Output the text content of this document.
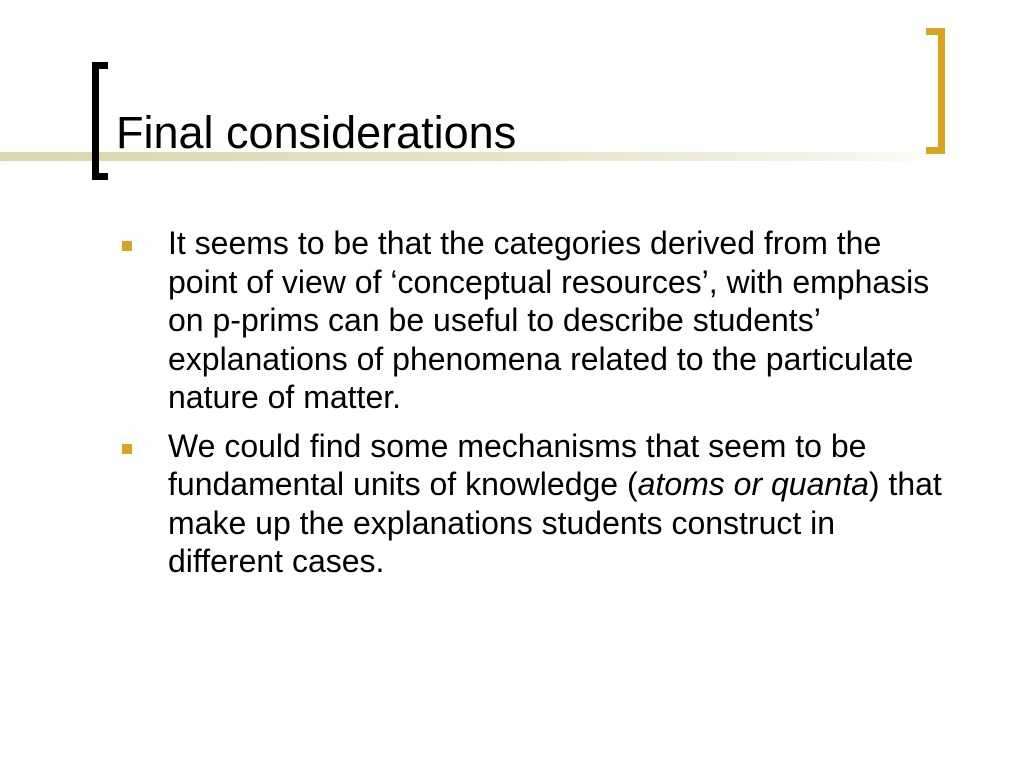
Final considerations
It seems to be that the categories derived from the point of view of ‘conceptual resources’, with emphasis on p-prims can be useful to describe students’ explanations of phenomena related to the particulate nature of matter.
We could find some mechanisms that seem to be fundamental units of knowledge (atoms or quanta) that make up the explanations students construct in different cases.
